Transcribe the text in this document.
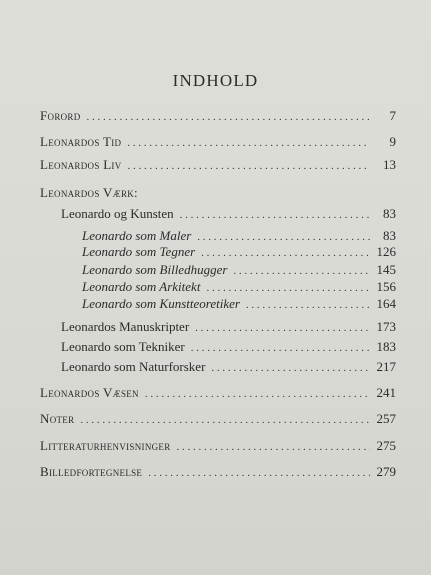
INDHOLD
Forord . . .	7
Leonardos Tid . . .	9
Leonardos Liv . . .	13
Leonardos Værk:
Leonardo og Kunsten . . .	83
Leonardo som Maler . . .	83
Leonardo som Tegner . . .	126
Leonardo som Billedhugger . . .	145
Leonardo som Arkitekt . . .	156
Leonardo som Kunstteoretiker . . .	164
Leonardos Manuskripter . . .	173
Leonardo som Tekniker . . .	183
Leonardo som Naturforsker . . .	217
Leonardos Væsen . . .	241
Noter . . .	257
Litteraturhenvisninger . . .	275
Billedfortegnelse . . .	279
